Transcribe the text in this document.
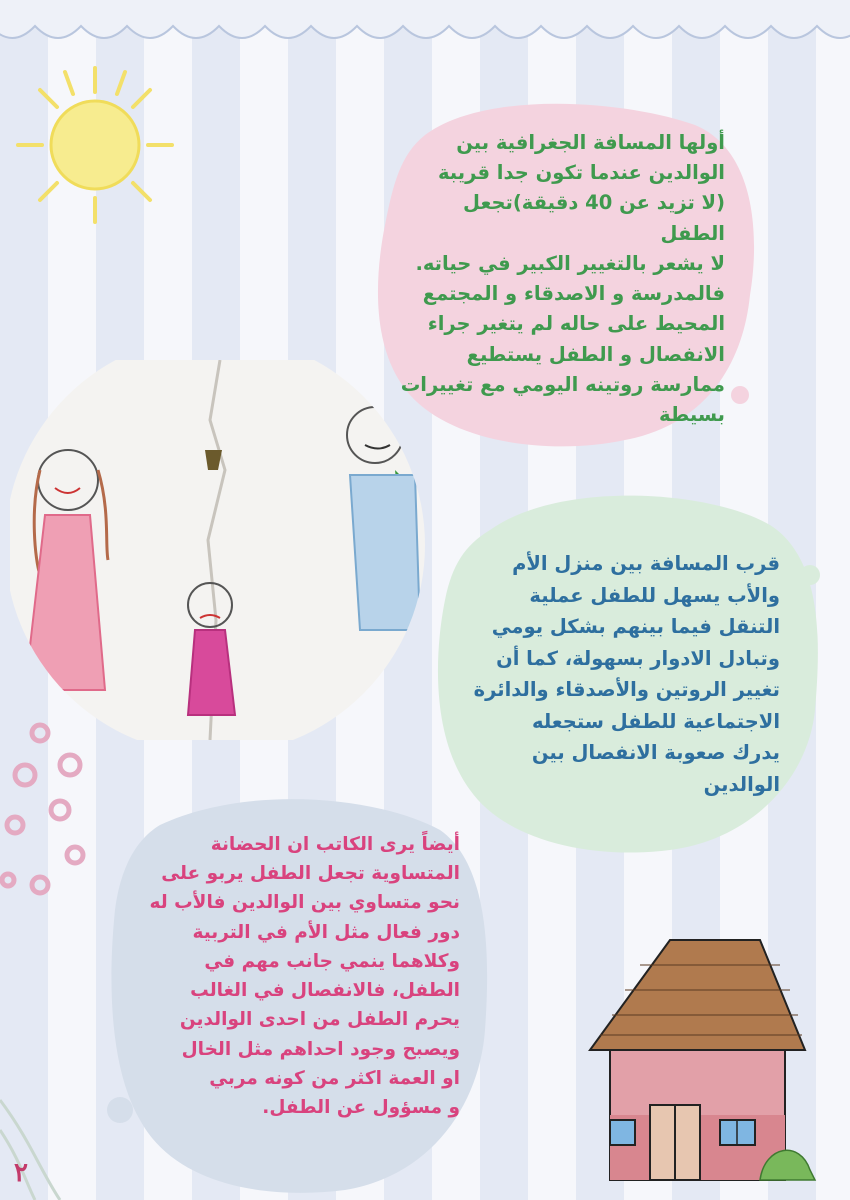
أولها المسافة الجغرافية بين
الوالدين عندما تكون جدا قريبة
(لا تزيد عن 40 دقيقة)تجعل الطفل
لا يشعر بالتغيير الكبير في حياته.
فالمدرسة و الاصدقاء و المجتمع
المحيط على حاله لم يتغير جراء
الانفصال و الطفل يستطيع
ممارسة روتينه اليومي مع تغييرات
بسيطة
قرب المسافة بين منزل الأم
والأب يسهل للطفل عملية
التنقل فيما بينهم بشكل يومي
وتبادل الادوار بسهولة، كما أن
تغيير الروتين والأصدقاء والدائرة
الاجتماعية للطفل ستجعله
يدرك صعوبة الانفصال بين
الوالدين
أيضاً يرى الكاتب ان الحضانة
المتساوية تجعل الطفل يربو على
نحو متساوي بين الوالدين فالأب له
دور فعال مثل الأم في التربية
وكلاهما ينمي جانب مهم في
الطفل، فالانفصال في الغالب
يحرم الطفل من احدى الوالدين
ويصبح وجود احداهم مثل الخال
او العمة اكثر من كونه مربي
و مسؤول عن الطفل.
٢
